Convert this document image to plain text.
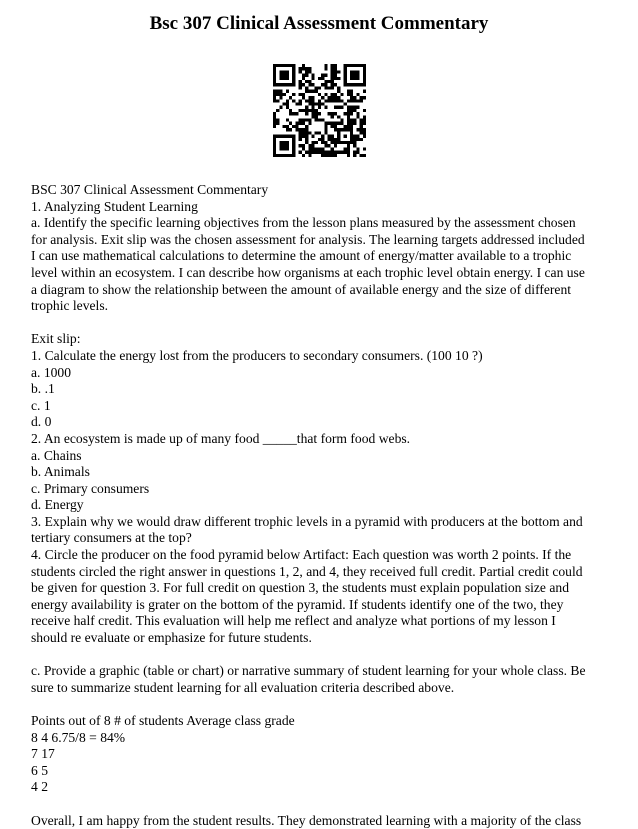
Bsc 307 Clinical Assessment Commentary
BSC 307 Clinical Assessment Commentary
1. Analyzing Student Learning
a. Identify the specific learning objectives from the lesson plans measured by the assessment chosen
for analysis. Exit slip was the chosen assessment for analysis. The learning targets addressed included
I can use mathematical calculations to determine the amount of energy/matter available to a trophic
level within an ecosystem. I can describe how organisms at each trophic level obtain energy. I can use
a diagram to show the relationship between the amount of available energy and the size of different
trophic levels.
Exit slip:
1. Calculate the energy lost from the producers to secondary consumers. (100 10 ?)
a. 1000
b. .1
c. 1
d. 0
2. An ecosystem is made up of many food _____that form food webs.
a. Chains
b. Animals
c. Primary consumers
d. Energy
3. Explain why we would draw different trophic levels in a pyramid with producers at the bottom and
tertiary consumers at the top?
4. Circle the producer on the food pyramid below Artifact: Each question was worth 2 points. If the
students circled the right answer in questions 1, 2, and 4, they received full credit. Partial credit could
be given for question 3. For full credit on question 3, the students must explain population size and
energy availability is grater on the bottom of the pyramid. If students identify one of the two, they
receive half credit. This evaluation will help me reflect and analyze what portions of my lesson I
should re evaluate or emphasize for future students.
c. Provide a graphic (table or chart) or narrative summary of student learning for your whole class. Be
sure to summarize student learning for all evaluation criteria described above.
Points out of 8 # of students Average class grade
8 4 6.75/8 = 84%
7 17
6 5
4 2
Overall, I am happy from the student results. They demonstrated learning with a majority of the class
